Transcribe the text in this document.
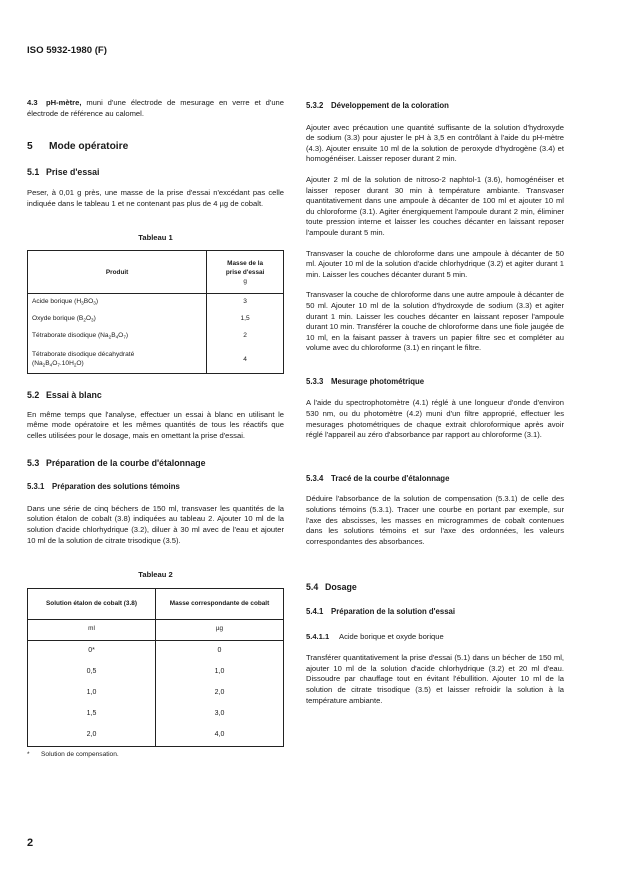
ISO 5932-1980 (F)

4.3 pH-mètre, muni d'une électrode de mesurage en verre et d'une électrode de référence au calomel.

5 Mode opératoire
5.1 Prise d'essai

Peser, à 0,01 g près, une masse de la prise d'essai n'excédant pas celle indiquée dans le tableau 1 et ne contenant pas plus de 4 µg de cobalt.

Tableau 1
Produit	Masse de la prise d'essai
g

Acide borique $(H_3BO_3)$	3
Oxyde borique $(B_2O_3)$	1,5
Tétraborate disodique $(Na_2B_4O_7)$	2
Tétraborate disodique décahydraté
$(Na_2B_4O_7.10H_2O)$	4
5.2 Essai à blanc

En même temps que l'analyse, effectuer un essai à blanc en utilisant le même mode opératoire et les mêmes quantités de tous les réactifs que celles utilisées pour le dosage, mais en omettant la prise d'essai.

5.3 Préparation de la courbe d'étalonnage
5.3.1 Préparation des solutions témoins

Dans une série de cinq béchers de 150 ml, transvaser les quantités de la solution étalon de cobalt (3.8) indiquées au tableau 2. Ajouter 10 ml de la solution d'acide chlorhydrique (3.2), diluer à 30 ml avec de l'eau et ajouter 10 ml de la solution de citrate trisodique (3.5).

Tableau 2
Solution étalon de cobalt (3.8)	Masse correspondante de cobalt
ml	µg
0*	0
0,5	1,0
1,0	2,0
1,5	3,0
2,0	4,0
* Solution de compensation.
5.3.2 Développement de la coloration

Ajouter avec précaution une quantité suffisante de la solution d'hydroxyde de sodium (3.3) pour ajuster le pH à 3,5 en contrôlant à l'aide du pH-mètre (4.3). Ajouter ensuite 10 ml de la solution de peroxyde d'hydrogène (3.4) et homogénéiser. Laisser reposer durant 2 min.

Ajouter 2 ml de la solution de nitroso-2 naphtol-1 (3.6), homogénéiser et laisser reposer durant 30 min à température ambiante. Transvaser quantitativement dans une ampoule à décanter de 100 ml et ajouter 10 ml du chloroforme (3.1). Agiter énergiquement l'ampoule durant 2 min, éliminer toute pression interne et laisser les couches décanter en laissant reposer l'ampoule durant 5 min.

Transvaser la couche de chloroforme dans une ampoule à décanter de 50 ml. Ajouter 10 ml de la solution d'acide chlorhydrique (3.2) et agiter durant 1 min. Laisser les couches décanter durant 5 min.

Transvaser la couche de chloroforme dans une autre ampoule à décanter de 50 ml. Ajouter 10 ml de la solution d'hydroxyde de sodium (3.3) et agiter durant 1 min. Laisser les couches décanter en laissant reposer l'ampoule durant 10 min. Transférer la couche de chloroforme dans une fiole jaugée de 10 ml, en la faisant passer à travers un papier filtre sec et compléter au volume avec du chloroforme (3.1) en rinçant le filtre.

5.3.3 Mesurage photométrique

A l'aide du spectrophotomètre (4.1) réglé à une longueur d'onde d'environ 530 nm, ou du photomètre (4.2) muni d'un filtre approprié, effectuer les mesurages photométriques de chaque extrait chloroformique après avoir réglé l'appareil au zéro d'absorbance par rapport au chloroforme (3.1).

5.3.4 Tracé de la courbe d'étalonnage

Déduire l'absorbance de la solution de compensation (5.3.1) de celle des solutions témoins (5.3.1). Tracer une courbe en portant par exemple, sur l'axe des abscisses, les masses en microgrammes de cobalt contenues dans les solutions témoins et sur l'axe des ordonnées, les valeurs correspondantes des absorbances.

5.4 Dosage
5.4.1 Préparation de la solution d'essai
5.4.1.1 Acide borique et oxyde borique

Transférer quantitativement la prise d'essai (5.1) dans un bécher de 150 ml, ajouter 10 ml de la solution d'acide chlorhydrique (3.2) et 20 ml d'eau. Dissoudre par chauffage tout en évitant l'ébullition. Ajouter 10 ml de la solution de citrate trisodique (3.5) et laisser refroidir la solution à la température ambiante.

2
